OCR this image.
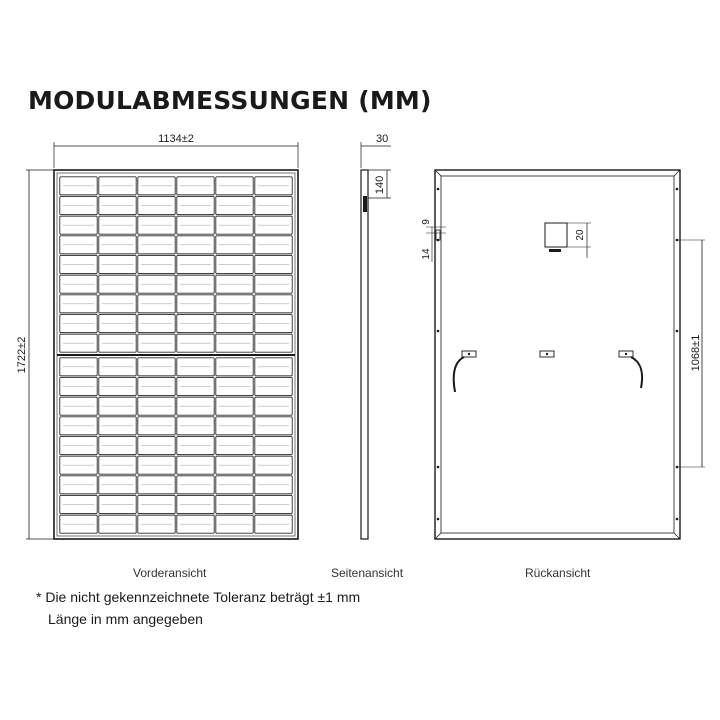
MODULABMESSUNGEN (MM)
1134±2
1722±2
30
140
9
14
20
1068±1
Vorderansicht	Seitenansicht	Rückansicht
* Die nicht gekennzeichnete Toleranz beträgt ±1 mm
Länge in mm angegeben
